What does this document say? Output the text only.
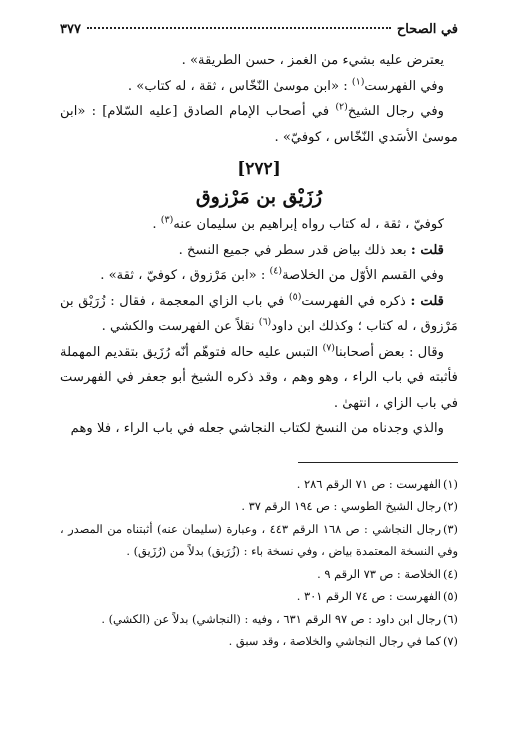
في الصحاح
٣٧٧

يعترض عليه بشيء من الغمز ، حسن الطريقة» .

وفي الفهرست$^{(١)}$ : «ابن موسىٰ النّخّاس ، ثقة ، له كتاب» .

وفي رجال الشيخ$^{(٢)}$ في أصحاب الإمام الصادق [عليه السّلام] : «ابن موسىٰ الأسَدي النّخّاس ، كوفيّ» .

[٢٧٢]
رُزَيْق بن مَرْزوق

كوفيّ ، ثقة ، له كتاب رواه إبراهيم بن سليمان عنه$^{(٣)}$ .

قلت : بعد ذلك بياض قدر سطر في جميع النسخ .

وفي القسم الأوّل من الخلاصة$^{(٤)}$ : «ابن مَرْزوق ، كوفيّ ، ثقة» .

قلت : ذكره في الفهرست$^{(٥)}$ في باب الزاي المعجمة ، فقال : زُرَيْق بن مَرْزوق ، له كتاب ؛ وكذلك ابن داود$^{(٦)}$ نقلاً عن الفهرست والكشي .

وقال : بعض أصحابنا$^{(٧)}$ التبس عليه حاله فتوهّم أنّه رُزَيق بتقديم المهملة فأثبته في باب الراء ، وهو وهم ، وقد ذكره الشيخ أبو جعفر في الفهرست في باب الزاي ، انتهىٰ .

والذي وجدناه من النسخ لكتاب النجاشي جعله في باب الراء ، فلا وهم

(١)الفهرست : ص ٧١ الرقم ٢٨٦ .

(٢)رجال الشيخ الطوسي : ص ١٩٤ الرقم ٣٧ .

(٣)رجال النجاشي : ص ١٦٨ الرقم ٤٤٣ ، وعبارة (سليمان عنه) أثبتناه من المصدر ، وفي النسخة المعتمدة بياض ، وفي نسخة باء : (زُرَيق) بدلاً من (رُزَيق) .

(٤)الخلاصة : ص ٧٣ الرقم ٩ .

(٥)الفهرست : ص ٧٤ الرقم ٣٠١ .

(٦)رجال ابن داود : ص ٩٧ الرقم ٦٣١ ، وفيه : (النجاشي) بدلاً عن (الكشي) .

(٧)كما في رجال النجاشي والخلاصة ، وقد سبق .
